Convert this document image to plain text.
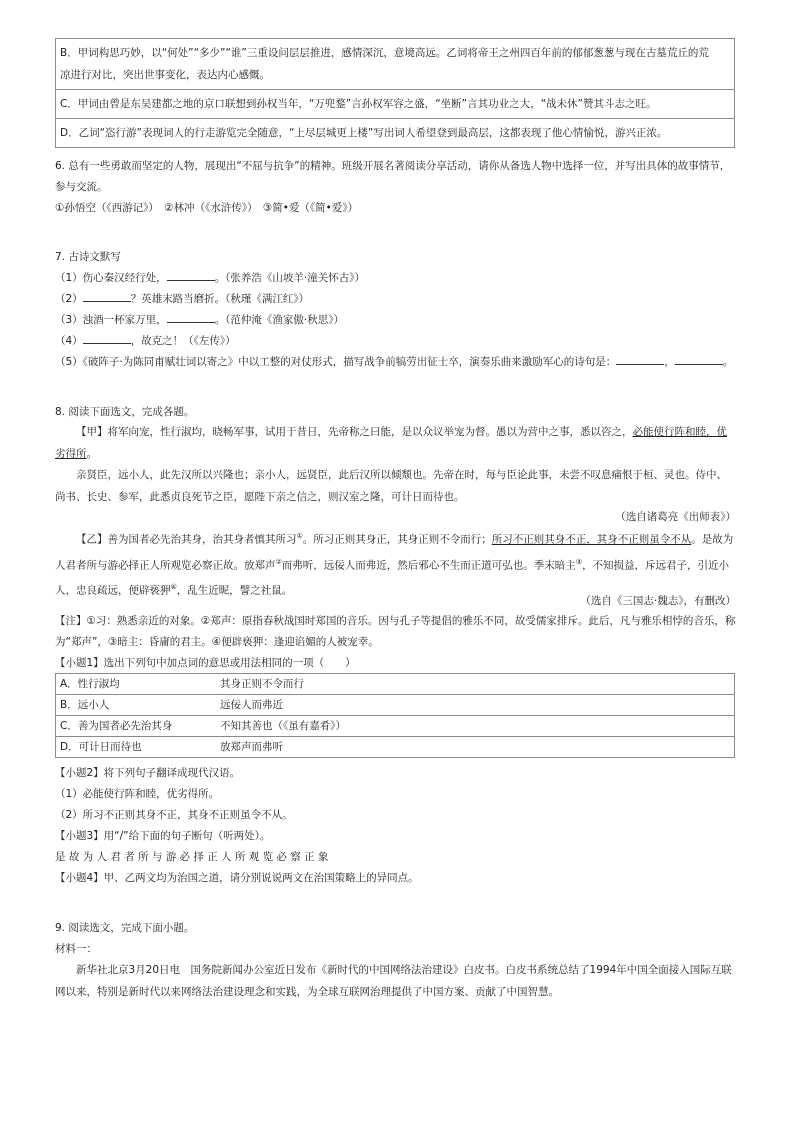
B．甲词构思巧妙，以“何处”“多少”“谁”三重设问层层推进，感情深沉，意境高远。乙词将帝王之州四百年前的郁郁葱葱与现在古墓荒丘的荒
凉进行对比，突出世事变化，表达内心感慨。

C．甲词由曾是东吴建都之地的京口联想到孙权当年，“万兜鍪”言孙权军容之盛，“坐断”言其功业之大，“战未休”赞其斗志之旺。
D．乙词“恣行游”表现词人的行走游览完全随意，“上尽层城更上楼”写出词人希望登到最高层，这都表现了他心情愉悦，游兴正浓。
6. 总有一些勇敢而坚定的人物，展现出“不屈与抗争”的精神。班级开展名著阅读分享活动，请你从备选人物中选择一位，并写出具体的故事情节，
参与交流。
①孙悟空（《西游记》）　②林冲（《水浒传》）　③简•爱（《简•爱》）
7. 古诗文默写
（1）伤心秦汉经行处，	。（张养浩《山坡羊·潼关怀古》）
（2）	？英雄末路当磨折。（秋瑾《满江红》）
（3）浊酒一杯家万里，	。（范仲淹《渔家傲·秋思》）
（4）	，故克之！（《左传》）
（5）《破阵子·为陈同甫赋壮词以寄之》中以工整的对仗形式，描写战争前犒劳出征士卒，演奏乐曲来激励军心的诗句是：	，	。
8. 阅读下面选文，完成各题。
【甲】将军向宠，性行淑均，晓畅军事，试用于昔日，先帝称之曰能，是以众议举宠为督。愚以为营中之事，悉以咨之，必能使行阵和睦，优劣得所。
亲贤臣，远小人，此先汉所以兴隆也；亲小人，远贤臣，此后汉所以倾颓也。先帝在时，每与臣论此事，未尝不叹息痛恨于桓、灵也。侍中、尚书、长史、参军，此悉贞良死节之臣，愿陛下亲之信之，则汉室之隆，可计日而待也。
（选自诸葛亮《出师表》）
【乙】善为国者必先治其身，治其身者慎其所习①。所习正则其身正，其身正则不令而行；所习不正则其身不正，其身不正则虽令不从。是故为人君者所与游必择正人所观览必察正故。放郑声②而弗听，远佞人而弗近，然后邪心不生而正道可弘也。季末暗主③，不知损益，斥远君子，引近小人，忠良疏远，便辟亵狎④，乱生近昵，譬之社鼠。
（选自《三国志·魏志》，有删改）
【注】①习：熟悉亲近的对象。②郑声：原指春秋战国时郑国的音乐。因与孔子等提倡的雅乐不同，故受儒家排斥。此后，凡与雅乐相悖的音乐，称
为“郑声”，③暗主：昏庸的君主。④便辟亵狎：逢迎谄媚的人被宠幸。
【小题1】选出下列句中加点词的意思或用法相同的一项（　　）
A．性行淑均	其身正则不令而行
B．远小人	远佞人而弗近
C．善为国者必先治其身	不知其善也（《虽有嘉肴》）
D．可计日而待也	放郑声而弗听
【小题2】将下列句子翻译成现代汉语。
（1）必能使行阵和睦，优劣得所。
（2）所习不正则其身不正，其身不正则虽令不从。
【小题3】用“/”给下面的句子断句（听两处）。
是 故 为 人 君 者 所 与 游 必 择 正 人 所 观 览 必 察 正 象
【小题4】甲、乙两文均为治国之道，请分别说说两文在治国策略上的异同点。
9. 阅读选文，完成下面小题。
材料一：
新华社北京3月20日电　国务院新闻办公室近日发布《新时代的中国网络法治建设》白皮书。白皮书系统总结了1994年中国全面接入国际互联网以来，特别是新时代以来网络法治建设理念和实践，为全球互联网治理提供了中国方案、贡献了中国智慧。
